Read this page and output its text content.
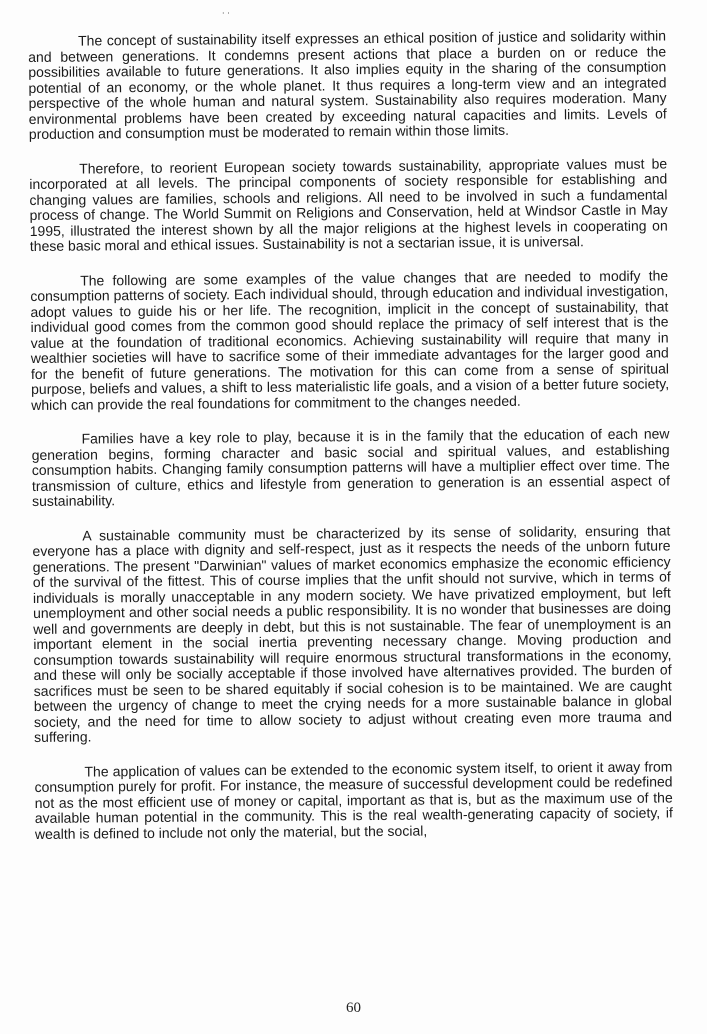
· ·

The concept of sustainability itself expresses an ethical position of justice and solidarity within and between generations. It condemns present actions that place a burden on or reduce the possibilities available to future generations. It also implies equity in the sharing of the consumption potential of an economy, or the whole planet. It thus requires a long-term view and an integrated perspective of the whole human and natural system. Sustainability also requires moderation. Many environmental problems have been created by exceeding natural capacities and limits. Levels of production and consumption must be moderated to remain within those limits.

Therefore, to reorient European society towards sustainability, appropriate values must be incorporated at all levels. The principal components of society responsible for establishing and changing values are families, schools and religions. All need to be involved in such a fundamental process of change. The World Summit on Religions and Conservation, held at Windsor Castle in May 1995, illustrated the interest shown by all the major religions at the highest levels in cooperating on these basic moral and ethical issues. Sustainability is not a sectarian issue, it is universal.

The following are some examples of the value changes that are needed to modify the consumption patterns of society. Each individual should, through education and individual investigation, adopt values to guide his or her life. The recognition, implicit in the concept of sustainability, that individual good comes from the common good should replace the primacy of self interest that is the value at the foundation of traditional economics. Achieving sustainability will require that many in wealthier societies will have to sacrifice some of their immediate advantages for the larger good and for the benefit of future generations. The motivation for this can come from a sense of spiritual purpose, beliefs and values, a shift to less materialistic life goals, and a vision of a better future society, which can provide the real foundations for commitment to the changes needed.

Families have a key role to play, because it is in the family that the education of each new generation begins, forming character and basic social and spiritual values, and establishing consumption habits. Changing family consumption patterns will have a multiplier effect over time. The transmission of culture, ethics and lifestyle from generation to generation is an essential aspect of sustainability.

A sustainable community must be characterized by its sense of solidarity, ensuring that everyone has a place with dignity and self-respect, just as it respects the needs of the unborn future generations. The present "Darwinian" values of market economics emphasize the economic efficiency of the survival of the fittest. This of course implies that the unfit should not survive, which in terms of individuals is morally unacceptable in any modern society. We have privatized employment, but left unemployment and other social needs a public responsibility. It is no wonder that businesses are doing well and governments are deeply in debt, but this is not sustainable. The fear of unemployment is an important element in the social inertia preventing necessary change. Moving production and consumption towards sustainability will require enormous structural transformations in the economy, and these will only be socially acceptable if those involved have alternatives provided. The burden of sacrifices must be seen to be shared equitably if social cohesion is to be maintained. We are caught between the urgency of change to meet the crying needs for a more sustainable balance in global society, and the need for time to allow society to adjust without creating even more trauma and suffering.

The application of values can be extended to the economic system itself, to orient it away from consumption purely for profit. For instance, the measure of successful development could be redefined not as the most efficient use of money or capital, important as that is, but as the maximum use of the available human potential in the community. This is the real wealth-generating capacity of society, if wealth is defined to include not only the material, but the social,

60
